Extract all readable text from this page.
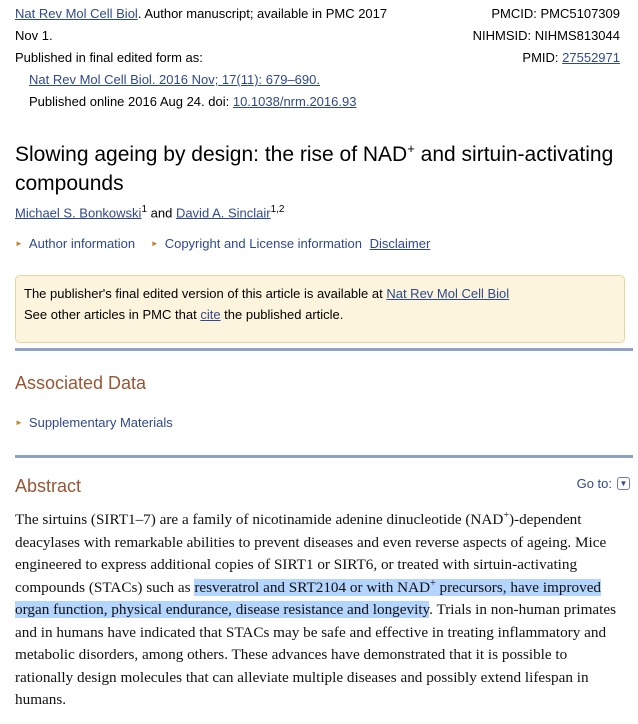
Nat Rev Mol Cell Biol. Author manuscript; available in PMC 2017
Nov 1.
Published in final edited form as:
Nat Rev Mol Cell Biol. 2016 Nov; 17(11): 679–690.
Published online 2016 Aug 24. doi: 10.1038/nrm.2016.93
PMCID: PMC5107309
NIHMSID: NIHMS813044
PMID: 27552971
Slowing ageing by design: the rise of NAD+ and sirtuin-activating compounds
Michael S. Bonkowski$^1$ and David A. Sinclair$^{1,2}$
► Author information ► Copyright and License information Disclaimer
The publisher's final edited version of this article is available at Nat Rev Mol Cell Biol
See other articles in PMC that cite the published article.
Associated Data
► Supplementary Materials
Abstract	Go to: ▼
The sirtuins (SIRT1–7) are a family of nicotinamide adenine dinucleotide (NAD+)-dependent deacylases with remarkable abilities to prevent diseases and even reverse aspects of ageing. Mice engineered to express additional copies of SIRT1 or SIRT6, or treated with sirtuin-activating compounds (STACs) such as resveratrol and SRT2104 or with NAD+ precursors, have improved organ function, physical endurance, disease resistance and longevity. Trials in non-human primates and in humans have indicated that STACs may be safe and effective in treating inflammatory and metabolic disorders, among others. These advances have demonstrated that it is possible to rationally design molecules that can alleviate multiple diseases and possibly extend lifespan in humans.
